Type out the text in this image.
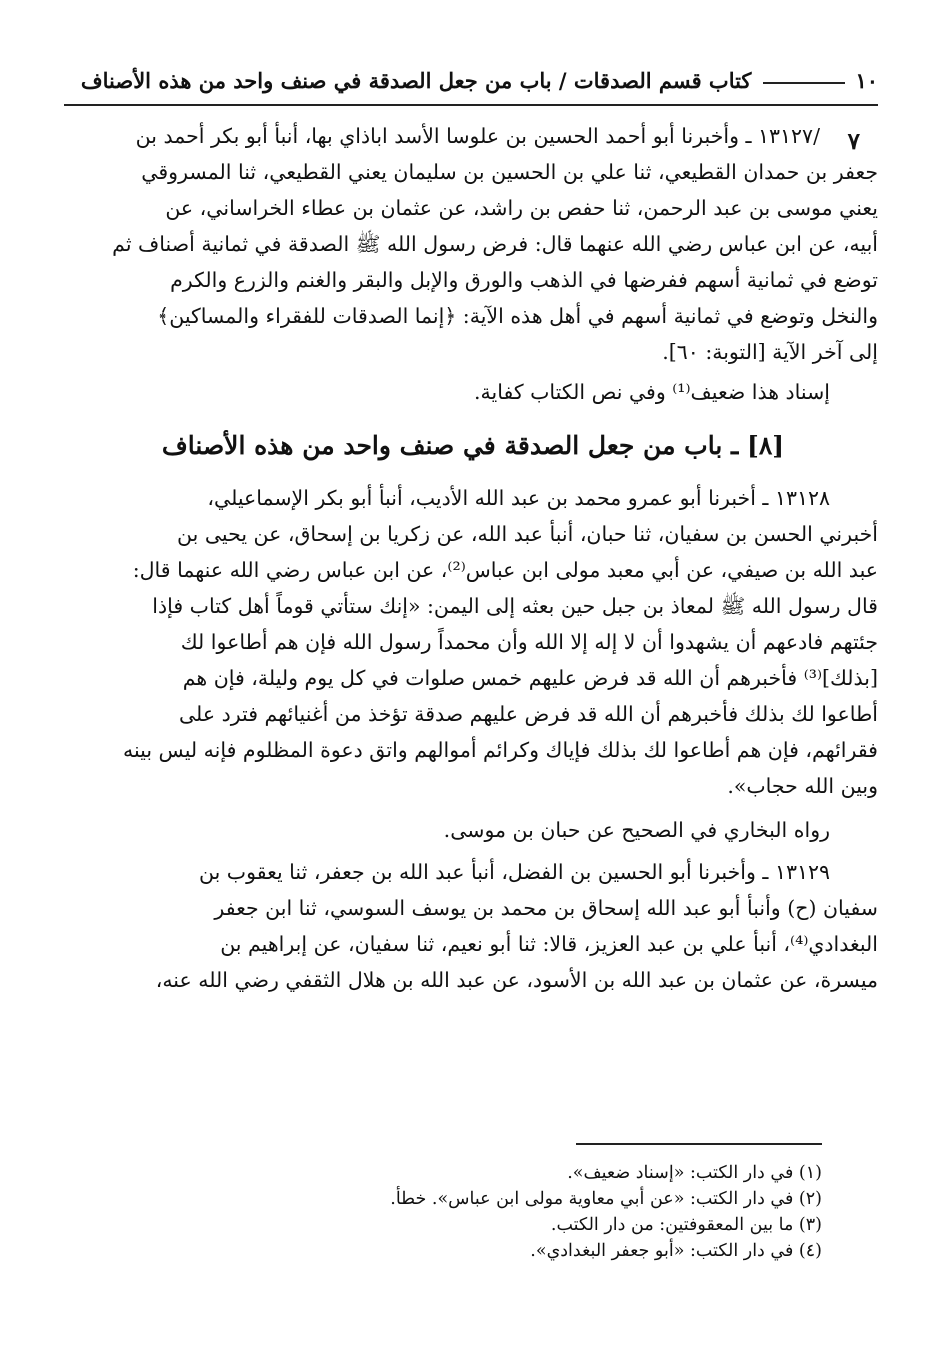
١٠
كتاب قسم الصدقات / باب من جعل الصدقة في صنف واحد من هذه الأصناف
٧
/١٣١٢٧ ـ وأخبرنا أبو أحمد الحسين بن علوسا الأسد اباذاي بها، أنبأ أبو بكر أحمد بن
جعفر بن حمدان القطيعي، ثنا علي بن الحسين بن سليمان يعني القطيعي، ثنا المسروقي
يعني موسى بن عبد الرحمن، ثنا حفص بن راشد، عن عثمان بن عطاء الخراساني، عن
أبيه، عن ابن عباس رضي الله عنهما قال: فرض رسول الله ﷺ الصدقة في ثمانية أصناف ثم
توضع في ثمانية أسهم ففرضها في الذهب والورق والإبل والبقر والغنم والزرع والكرم
والنخل وتوضع في ثمانية أسهم في أهل هذه الآية: ﴿إنما الصدقات للفقراء والمساكين﴾
إلى آخر الآية [التوبة: ٦٠].
إسناد هذا ضعيف⁽¹⁾ وفي نص الكتاب كفاية.
[٨] ـ باب من جعل الصدقة في صنف واحد من هذه الأصناف
١٣١٢٨ ـ أخبرنا أبو عمرو محمد بن عبد الله الأديب، أنبأ أبو بكر الإسماعيلي،
أخبرني الحسن بن سفيان، ثنا حبان، أنبأ عبد الله، عن زكريا بن إسحاق، عن يحيى بن
عبد الله بن صيفي، عن أبي معبد مولى ابن عباس⁽²⁾، عن ابن عباس رضي الله عنهما قال:
قال رسول الله ﷺ لمعاذ بن جبل حين بعثه إلى اليمن: «إنك ستأتي قوماً أهل كتاب فإذا
جئتهم فادعهم أن يشهدوا أن لا إله إلا الله وأن محمداً رسول الله فإن هم أطاعوا لك
[بذلك]⁽³⁾ فأخبرهم أن الله قد فرض عليهم خمس صلوات في كل يوم وليلة، فإن هم
أطاعوا لك بذلك فأخبرهم أن الله قد فرض عليهم صدقة تؤخذ من أغنيائهم فترد على
فقرائهم، فإن هم أطاعوا لك بذلك فإياك وكرائم أموالهم واتق دعوة المظلوم فإنه ليس بينه
وبين الله حجاب».
رواه البخاري في الصحيح عن حبان بن موسى.
١٣١٢٩ ـ وأخبرنا أبو الحسين بن الفضل، أنبأ عبد الله بن جعفر، ثنا يعقوب بن
سفيان (ح) وأنبأ أبو عبد الله إسحاق بن محمد بن يوسف السوسي، ثنا ابن جعفر
البغدادي⁽⁴⁾، أنبأ علي بن عبد العزيز، قالا: ثنا أبو نعيم، ثنا سفيان، عن إبراهيم بن
ميسرة، عن عثمان بن عبد الله بن الأسود، عن عبد الله بن هلال الثقفي رضي الله عنه،
(١) في دار الكتب: «إسناد ضعيف».
(٢) في دار الكتب: «عن أبي معاوية مولى ابن عباس». خطأ.
(٣) ما بين المعقوفتين: من دار الكتب.
(٤) في دار الكتب: «أبو جعفر البغدادي».
